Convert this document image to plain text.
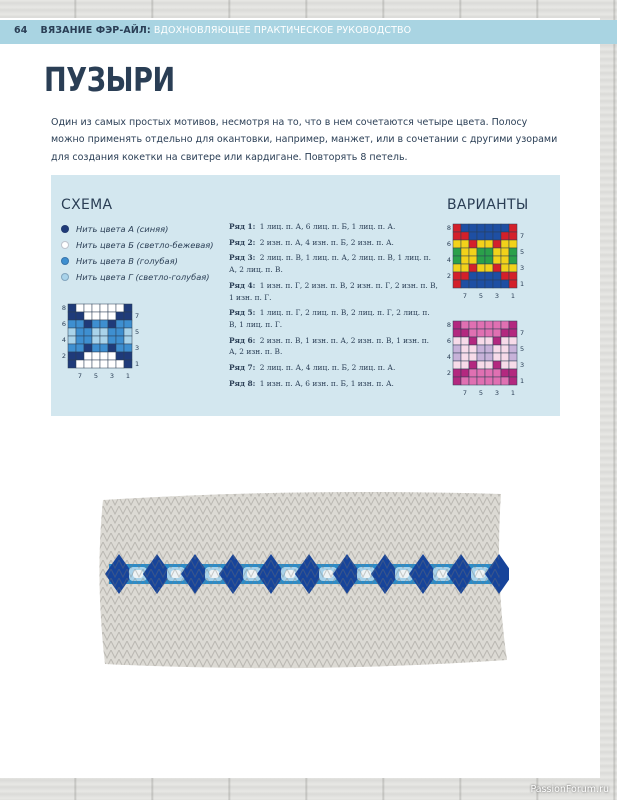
64 ВЯЗАНИЕ ФЭР-АЙЛ: ВДОХНОВЛЯЮЩЕЕ ПРАКТИЧЕСКОЕ РУКОВОДСТВО
ПУЗЫРИ

Один из самых простых мотивов, несмотря на то, что в нем сочетаются четыре цвета. Полосу можно применять отдельно для окантовки, например, манжет, или в сочетании с другими узорами для создания кокетки на свитере или кардигане. Повторять 8 петель.

СХЕМА	ВАРИАНТЫ
Нить цвета А (синяя)
Нить цвета Б (светло-бежевая)
Нить цвета В (голубая)
Нить цвета Г (светло-голубая)
Ряд 1: 1 лиц. п. А, 6 лиц. п. Б, 1 лиц. п. А.
Ряд 2: 2 изн. п. А, 4 изн. п. Б, 2 изн. п. А.
Ряд 3: 2 лиц. п. В, 1 лиц. п. А, 2 лиц. п. В, 1 лиц. п. А, 2 лиц. п. В.
Ряд 4: 1 изн. п. Г, 2 изн. п. В, 2 изн. п. Г, 2 изн. п. В, 1 изн. п. Г.
Ряд 5: 1 лиц. п. Г, 2 лиц. п. В, 2 лиц. п. Г, 2 лиц. п. В, 1 лиц. п. Г.
Ряд 6: 2 изн. п. В, 1 изн. п. А, 2 изн. п. В, 1 изн. п. А, 2 изн. п. В.
Ряд 7: 2 лиц. п. А, 4 лиц. п. Б, 2 лиц. п. А.
Ряд 8: 1 изн. п. А, 6 изн. п. Б, 1 изн. п. А.
8
6
4
2
7
5
3
1
7 5 3 1
8
6
4
2
7
5
3
1
7 5 3 1
8
6
4
2
7
5
3
1
7 5 3 1
PassionForum.ru
